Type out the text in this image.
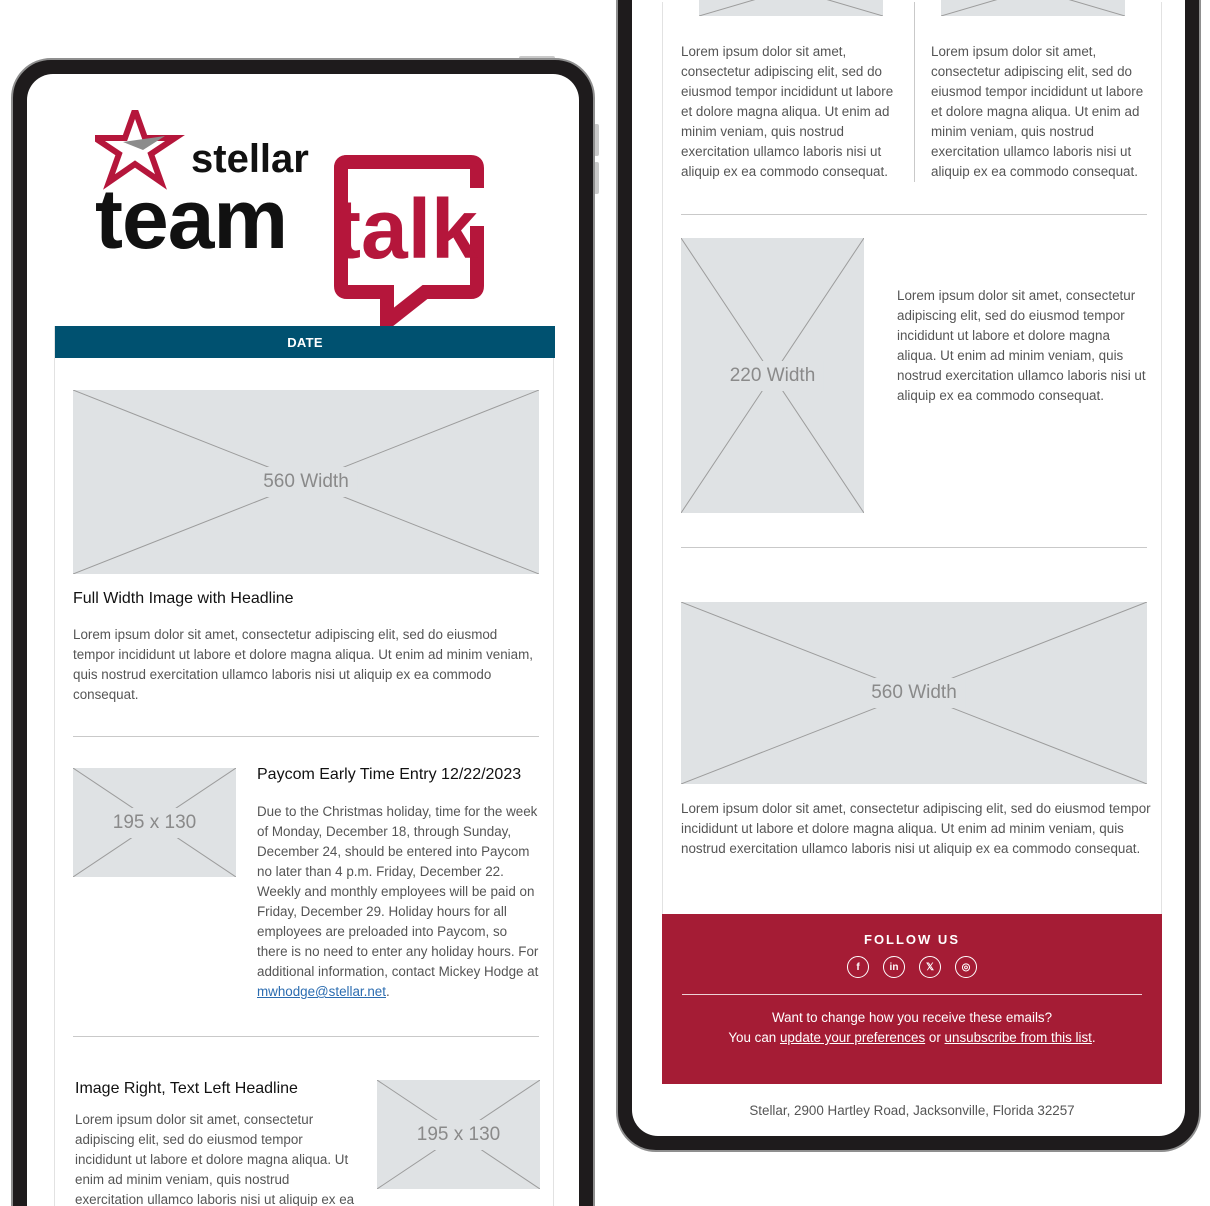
stellar
team talk
DATE
560 Width
Full Width Image with Headline
Lorem ipsum dolor sit amet, consectetur adipiscing elit, sed do eiusmod tempor incididunt ut labore et dolore magna aliqua. Ut enim ad minim veniam, quis nostrud exercitation ullamco laboris nisi ut aliquip ex ea commodo consequat.
195 x 130
Paycom Early Time Entry 12/22/2023
Due to the Christmas holiday, time for the week of Monday, December 18, through Sunday, December 24, should be entered into Paycom no later than 4 p.m. Friday, December 22. Weekly and monthly employees will be paid on Friday, December 29. Holiday hours for all employees are preloaded into Paycom, so there is no need to enter any holiday hours. For additional information, contact Mickey Hodge at mwhodge@stellar.net.
Image Right, Text Left Headline
Lorem ipsum dolor sit amet, consectetur adipiscing elit, sed do eiusmod tempor incididunt ut labore et dolore magna aliqua. Ut enim ad minim veniam, quis nostrud exercitation ullamco laboris nisi ut aliquip ex ea
195 x 130
Lorem ipsum dolor sit amet, consectetur adipiscing elit, sed do eiusmod tempor incididunt ut labore et dolore magna aliqua. Ut enim ad minim veniam, quis nostrud exercitation ullamco laboris nisi ut aliquip ex ea commodo consequat.
Lorem ipsum dolor sit amet, consectetur adipiscing elit, sed do eiusmod tempor incididunt ut labore et dolore magna aliqua. Ut enim ad minim veniam, quis nostrud exercitation ullamco laboris nisi ut aliquip ex ea commodo consequat.
220 Width
Lorem ipsum dolor sit amet, consectetur adipiscing elit, sed do eiusmod tempor incididunt ut labore et dolore magna aliqua. Ut enim ad minim veniam, quis nostrud exercitation ullamco laboris nisi ut aliquip ex ea commodo consequat.
560 Width
Lorem ipsum dolor sit amet, consectetur adipiscing elit, sed do eiusmod tempor incididunt ut labore et dolore magna aliqua. Ut enim ad minim veniam, quis nostrud exercitation ullamco laboris nisi ut aliquip ex ea commodo consequat.
FOLLOW US
f	in	𝕏	◎
Want to change how you receive these emails?
You can update your preferences or unsubscribe from this list.
Stellar, 2900 Hartley Road, Jacksonville, Florida 32257
